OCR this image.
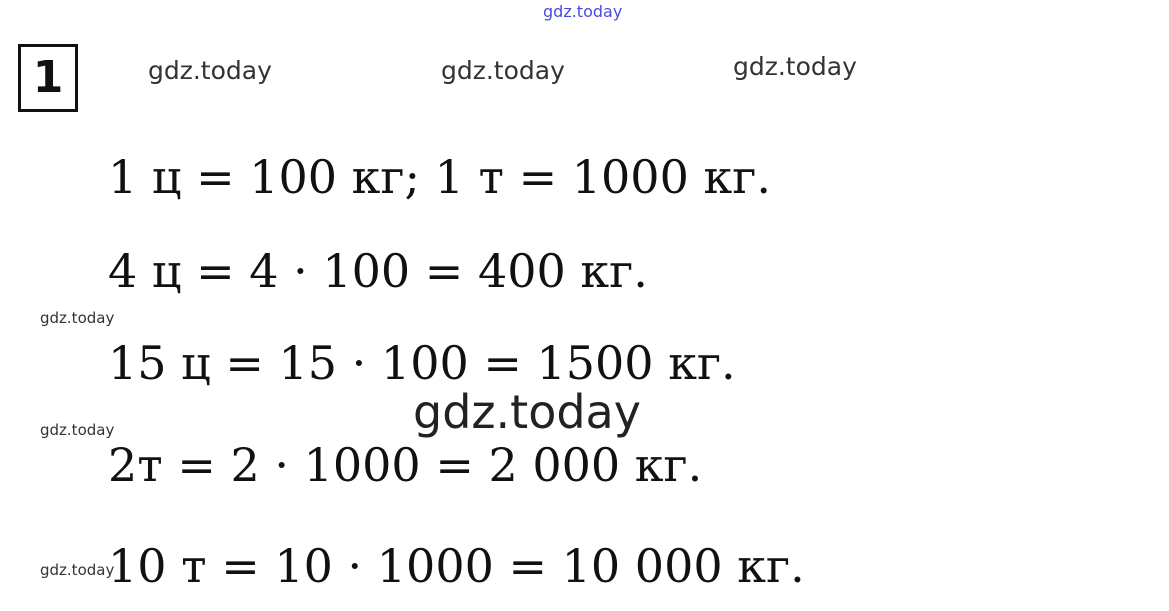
gdz.today
gdz.today	gdz.today	gdz.today
1
1 ц = 100 кг; 1 т = 1000 кг.
4 ц = 4 · 100 = 400 кг.
gdz.today
15 ц = 15 · 100 = 1500 кг.
gdz.today
gdz.today
2т = 2 · 1000 = 2 000 кг.
10 т = 10 · 1000 = 10 000 кг.
gdz.today
